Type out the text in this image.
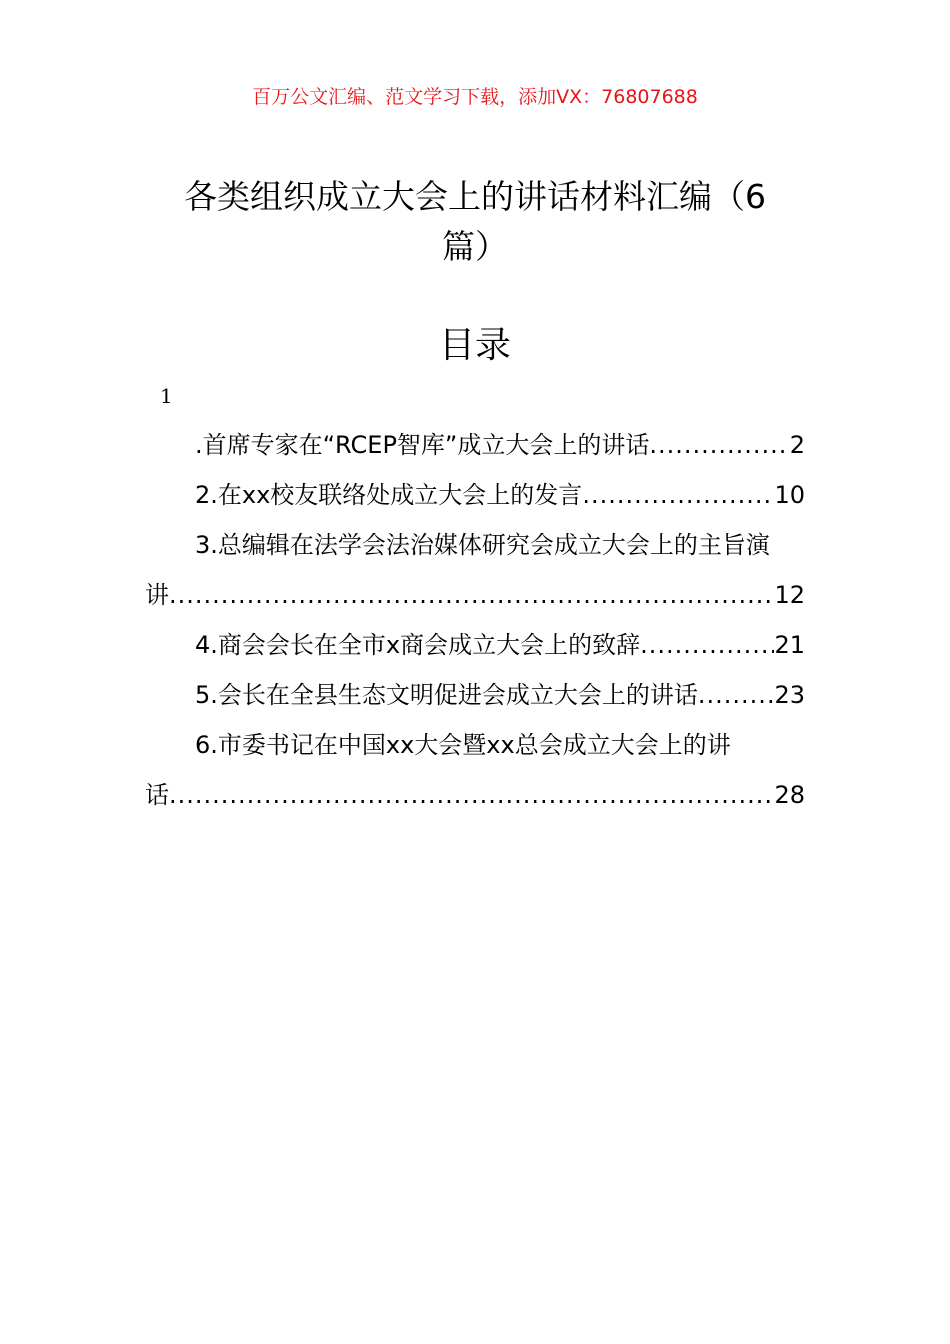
百万公文汇编、范文学习下载，添加VX：76807688
各类组织成立大会上的讲话材料汇编（6
篇）
目录
1
.首席专家在“RCEP智库”成立大会上的讲话 .....	2
2.在xx校友联络处成立大会上的发言 .....	10
3.总编辑在法学会法治媒体研究会成立大会上的主旨演
讲 .....	12
4.商会会长在全市x商会成立大会上的致辞 .....	21
5.会长在全县生态文明促进会成立大会上的讲话 .....	23
6.市委书记在中国xx大会暨xx总会成立大会上的讲
话 .....	28
